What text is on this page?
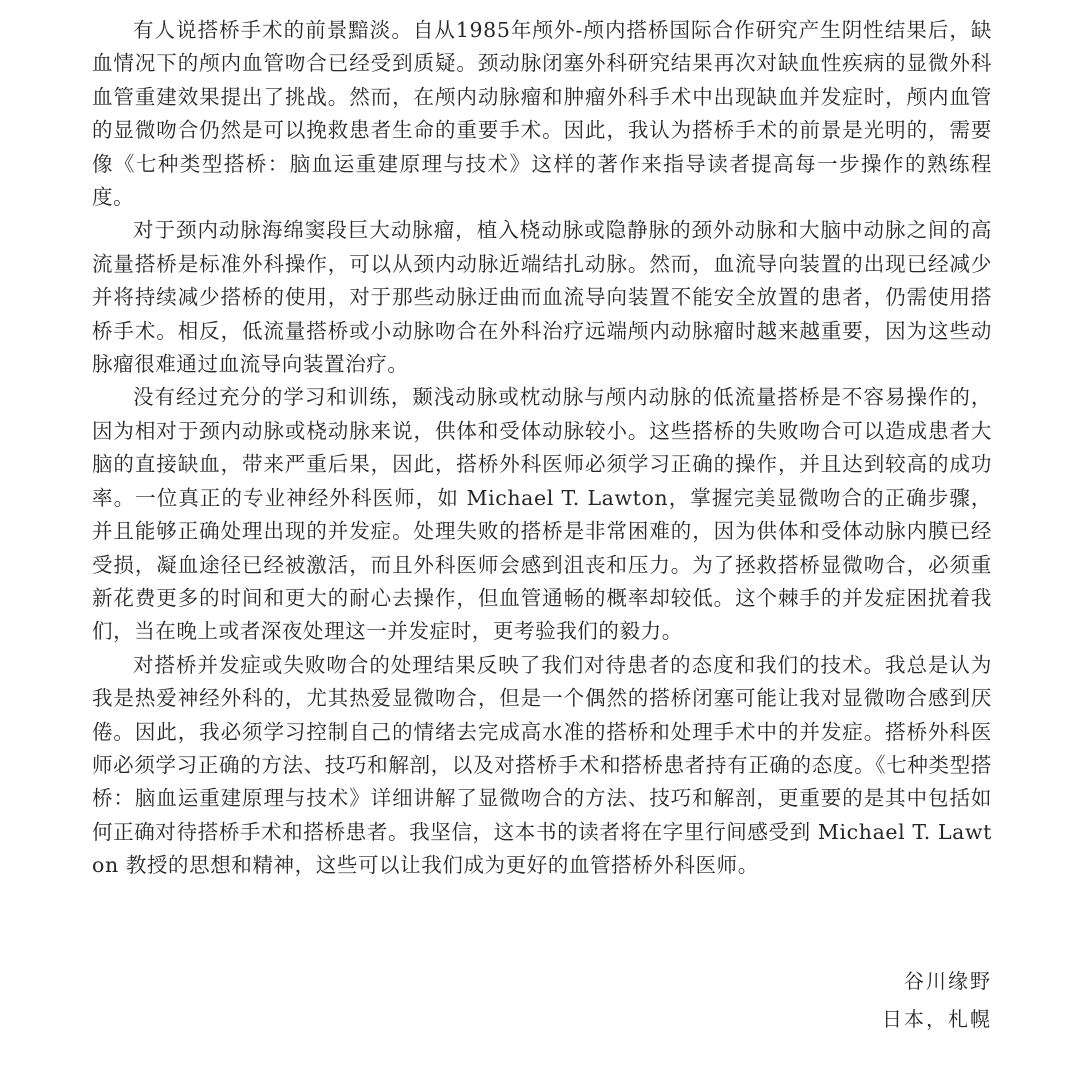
有人说搭桥手术的前景黯淡。自从1985年颅外-颅内搭桥国际合作研究产生阴性结果后，缺血情况下的颅内血管吻合已经受到质疑。颈动脉闭塞外科研究结果再次对缺血性疾病的显微外科血管重建效果提出了挑战。然而，在颅内动脉瘤和肿瘤外科手术中出现缺血并发症时，颅内血管的显微吻合仍然是可以挽救患者生命的重要手术。因此，我认为搭桥手术的前景是光明的，需要像《七种类型搭桥：脑血运重建原理与技术》这样的著作来指导读者提高每一步操作的熟练程度。

对于颈内动脉海绵窦段巨大动脉瘤，植入桡动脉或隐静脉的颈外动脉和大脑中动脉之间的高流量搭桥是标准外科操作，可以从颈内动脉近端结扎动脉。然而，血流导向装置的出现已经减少并将持续减少搭桥的使用，对于那些动脉迂曲而血流导向装置不能安全放置的患者，仍需使用搭桥手术。相反，低流量搭桥或小动脉吻合在外科治疗远端颅内动脉瘤时越来越重要，因为这些动脉瘤很难通过血流导向装置治疗。

没有经过充分的学习和训练，颞浅动脉或枕动脉与颅内动脉的低流量搭桥是不容易操作的，因为相对于颈内动脉或桡动脉来说，供体和受体动脉较小。这些搭桥的失败吻合可以造成患者大脑的直接缺血，带来严重后果，因此，搭桥外科医师必须学习正确的操作，并且达到较高的成功率。一位真正的专业神经外科医师，如 Michael T. Lawton，掌握完美显微吻合的正确步骤，并且能够正确处理出现的并发症。处理失败的搭桥是非常困难的，因为供体和受体动脉内膜已经受损，凝血途径已经被激活，而且外科医师会感到沮丧和压力。为了拯救搭桥显微吻合，必须重新花费更多的时间和更大的耐心去操作，但血管通畅的概率却较低。这个棘手的并发症困扰着我们，当在晚上或者深夜处理这一并发症时，更考验我们的毅力。

对搭桥并发症或失败吻合的处理结果反映了我们对待患者的态度和我们的技术。我总是认为我是热爱神经外科的，尤其热爱显微吻合，但是一个偶然的搭桥闭塞可能让我对显微吻合感到厌倦。因此，我必须学习控制自己的情绪去完成高水准的搭桥和处理手术中的并发症。搭桥外科医师必须学习正确的方法、技巧和解剖，以及对搭桥手术和搭桥患者持有正确的态度。《七种类型搭桥：脑血运重建原理与技术》详细讲解了显微吻合的方法、技巧和解剖，更重要的是其中包括如何正确对待搭桥手术和搭桥患者。我坚信，这本书的读者将在字里行间感受到 Michael T. Lawton 教授的思想和精神，这些可以让我们成为更好的血管搭桥外科医师。

谷川缘野
日本，札幌
